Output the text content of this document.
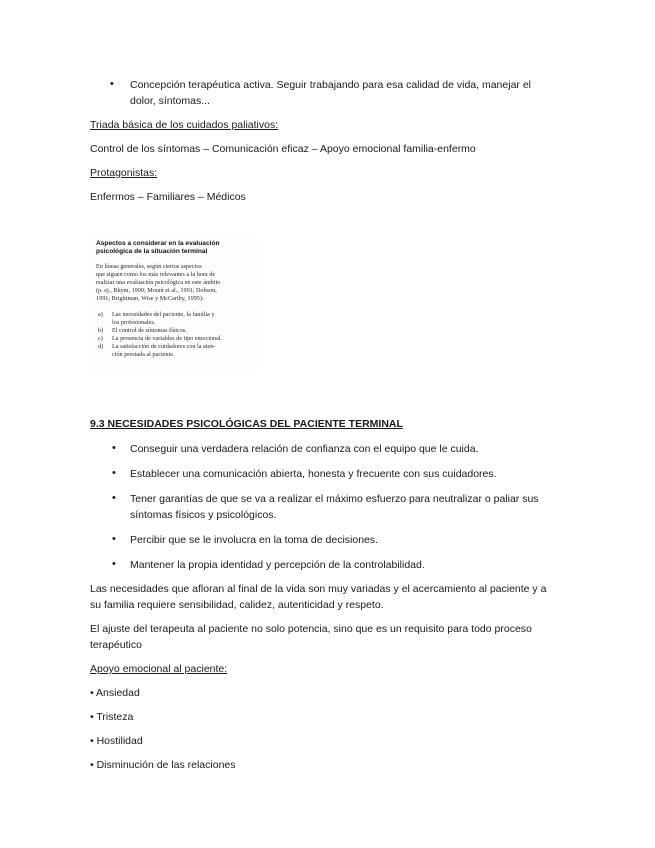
• Concepción terapéutica activa. Seguir trabajando para esa calidad de vida, manejar el
dolor, síntomas...
Triada básica de los cuidados paliativos:
Control de los síntomas – Comunicación eficaz – Apoyo emocional familia-enfermo
Protagonistas:
Enfermos – Familiares – Médicos
Aspectos a considerar en la evaluación
psicológica de la situación terminal
En líneas generales, según ciertos aspectos
que siguen como los más relevantes a la hora de
realizar una evaluación psicológica en este ámbito
(p. ej., Rhym, 1990; Mount et al., 1991; Dobson,
1991; Brightman, Wise y McCarthy, 1995):
a) Las necesidades del paciente, la familia y
los profesionales.
b) El control de síntomas físicos.
c) La presencia de variables de tipo emocional.
d) La satisfacción de cuidadores con la aten-
ción prestada al paciente.
9.3 NECESIDADES PSICOLÓGICAS DEL PACIENTE TERMINAL
• Conseguir una verdadera relación de confianza con el equipo que le cuida.
• Establecer una comunicación abierta, honesta y frecuente con sus cuidadores.
• Tener garantías de que se va a realizar el máximo esfuerzo para neutralizar o paliar sus
síntomas físicos y psicológicos.
• Percibir que se le involucra en la toma de decisiones.
• Mantener la propia identidad y percepción de la controlabilidad.
Las necesidades que afloran al final de la vida son muy variadas y el acercamiento al paciente y a
su familia requiere sensibilidad, calidez, autenticidad y respeto.
El ajuste del terapeuta al paciente no solo potencia, sino que es un requisito para todo proceso
terapéutico
Apoyo emocional al paciente:
• Ansiedad
• Tristeza
• Hostilidad
• Disminución de las relaciones
